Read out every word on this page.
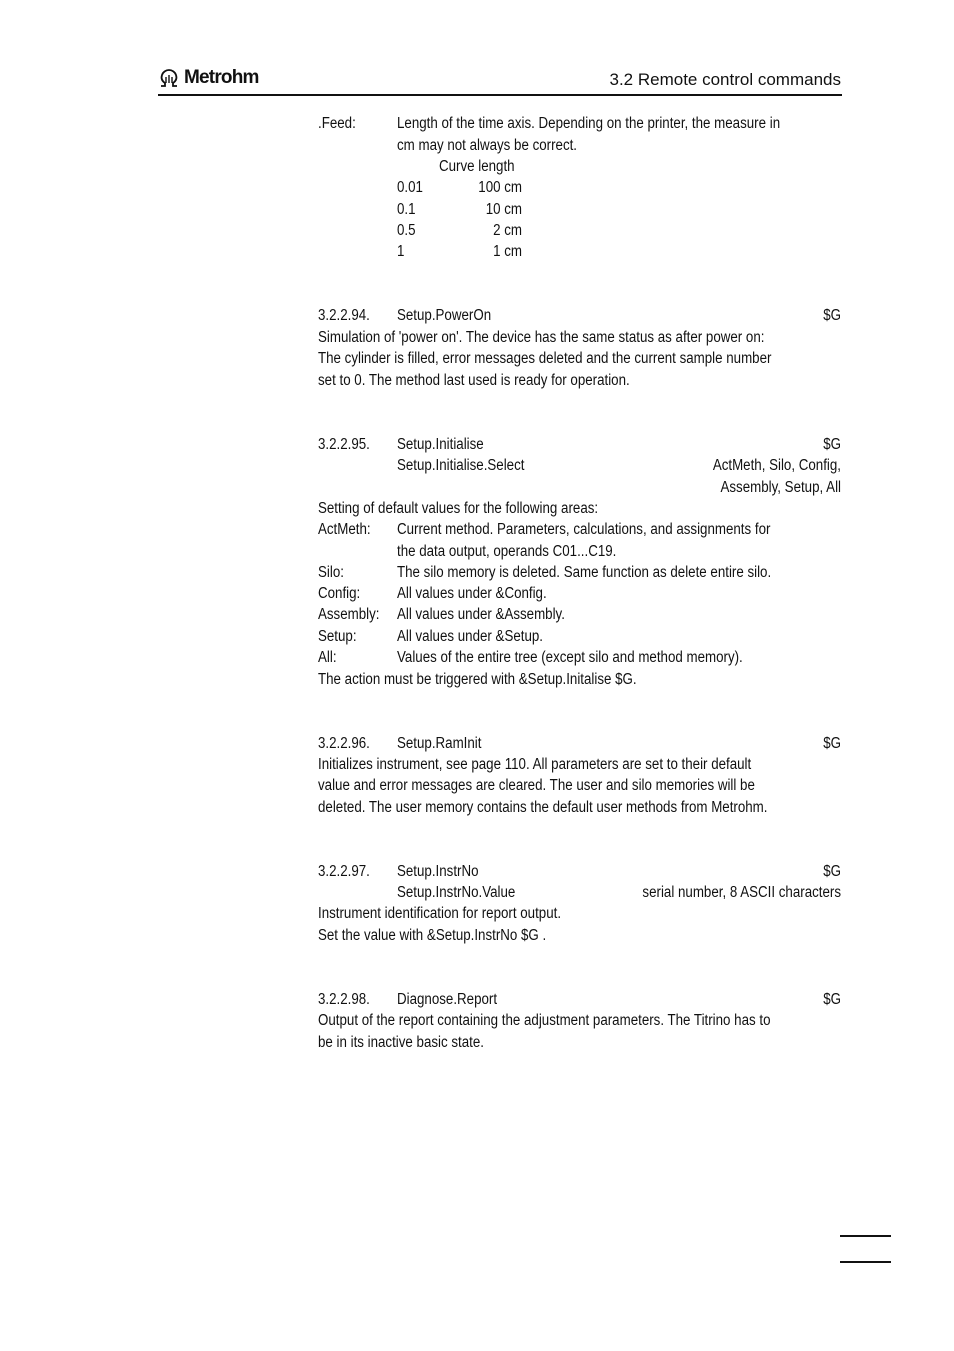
Metrohm	3.2 Remote control commands
.Feed:	Length of the time axis. Depending on the printer, the measure in
cm may not always be correct.
Curve length
0.01	100 cm
0.1	10 cm
0.5	2 cm
1	1 cm
3.2.2.94. Setup.PowerOn	$G
Simulation of 'power on'. The device has the same status as after power on:
The cylinder is filled, error messages deleted and the current sample number
set to 0. The method last used is ready for operation.
3.2.2.95. Setup.Initialise	$G
Setup.Initialise.Select	ActMeth, Silo, Config,
Assembly, Setup, All
Setting of default values for the following areas:
ActMeth: Current method. Parameters, calculations, and assignments for
the data output, operands C01...C19.
Silo:	The silo memory is deleted. Same function as delete entire silo.
Config: All values under &Config.
Assembly: All values under &Assembly.
Setup:	All values under &Setup.
All:	Values of the entire tree (except silo and method memory).
The action must be triggered with &Setup.Initalise $G.
3.2.2.96. Setup.RamInit	$G
Initializes instrument, see page 110. All parameters are set to their default
value and error messages are cleared. The user and silo memories will be
deleted. The user memory contains the default user methods from Metrohm.
3.2.2.97. Setup.InstrNo	$G
Setup.InstrNo.Value	serial number, 8 ASCII characters
Instrument identification for report output.
Set the value with &Setup.InstrNo $G .
3.2.2.98. Diagnose.Report	$G
Output of the report containing the adjustment parameters. The Titrino has to
be in its inactive basic state.
